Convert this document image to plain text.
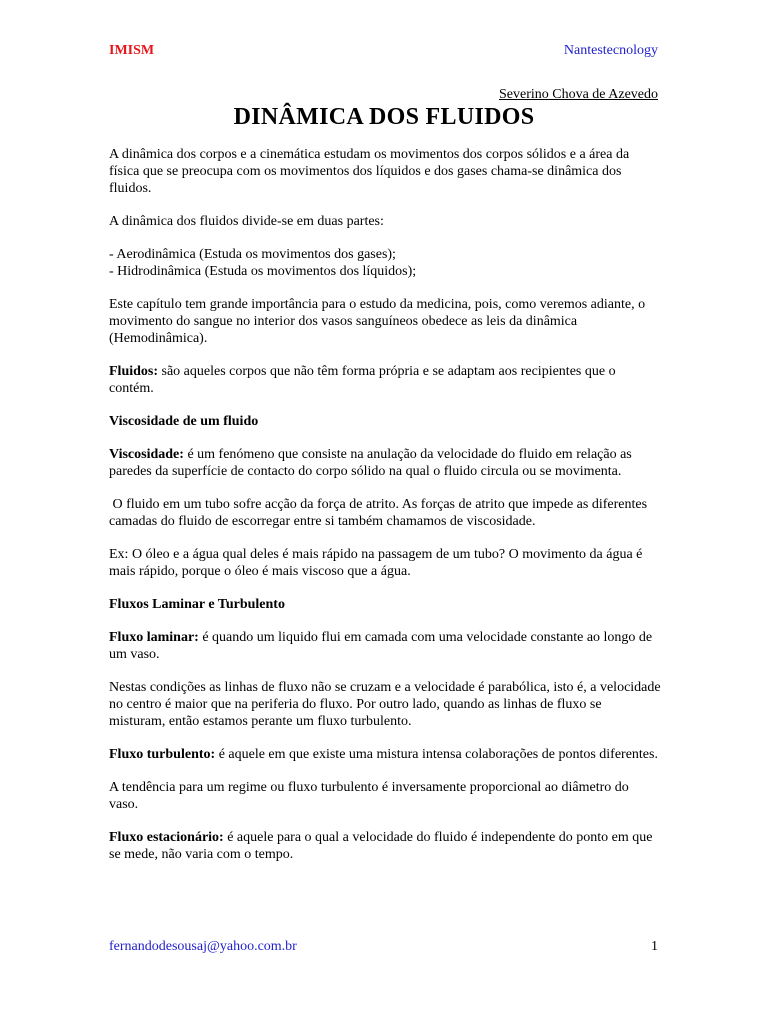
IMISM	Nantestecnology
Severino Chova de Azevedo
DINÂMICA DOS FLUIDOS

A dinâmica dos corpos e a cinemática estudam os movimentos dos corpos sólidos e a área da física que se preocupa com os movimentos dos líquidos e dos gases chama-se dinâmica dos fluidos.

A dinâmica dos fluidos divide-se em duas partes:

- Aerodinâmica (Estuda os movimentos dos gases);

- Hidrodinâmica (Estuda os movimentos dos líquidos);

Este capítulo tem grande importância para o estudo da medicina, pois, como veremos adiante, o movimento do sangue no interior dos vasos sanguíneos obedece as leis da dinâmica (Hemodinâmica).

Fluidos: são aqueles corpos que não têm forma própria e se adaptam aos recipientes que o contém.

Viscosidade de um fluido

Viscosidade: é um fenómeno que consiste na anulação da velocidade do fluido em relação as paredes da superfície de contacto do corpo sólido na qual o fluido circula ou se movimenta.

O fluido em um tubo sofre acção da força de atrito. As forças de atrito que impede as diferentes camadas do fluido de escorregar entre si também chamamos de viscosidade.

Ex: O óleo e a água qual deles é mais rápido na passagem de um tubo? O movimento da água é mais rápido, porque o óleo é mais viscoso que a água.

Fluxos Laminar e Turbulento

Fluxo laminar: é quando um liquido flui em camada com uma velocidade constante ao longo de um vaso.

Nestas condições as linhas de fluxo não se cruzam e a velocidade é parabólica, isto é, a velocidade no centro é maior que na periferia do fluxo. Por outro lado, quando as linhas de fluxo se misturam, então estamos perante um fluxo turbulento.

Fluxo turbulento: é aquele em que existe uma mistura intensa colaborações de pontos diferentes.

A tendência para um regime ou fluxo turbulento é inversamente proporcional ao diâmetro do vaso.

Fluxo estacionário: é aquele para o qual a velocidade do fluido é independente do ponto em que se mede, não varia com o tempo.

fernandodesousaj@yahoo.com.br	1
